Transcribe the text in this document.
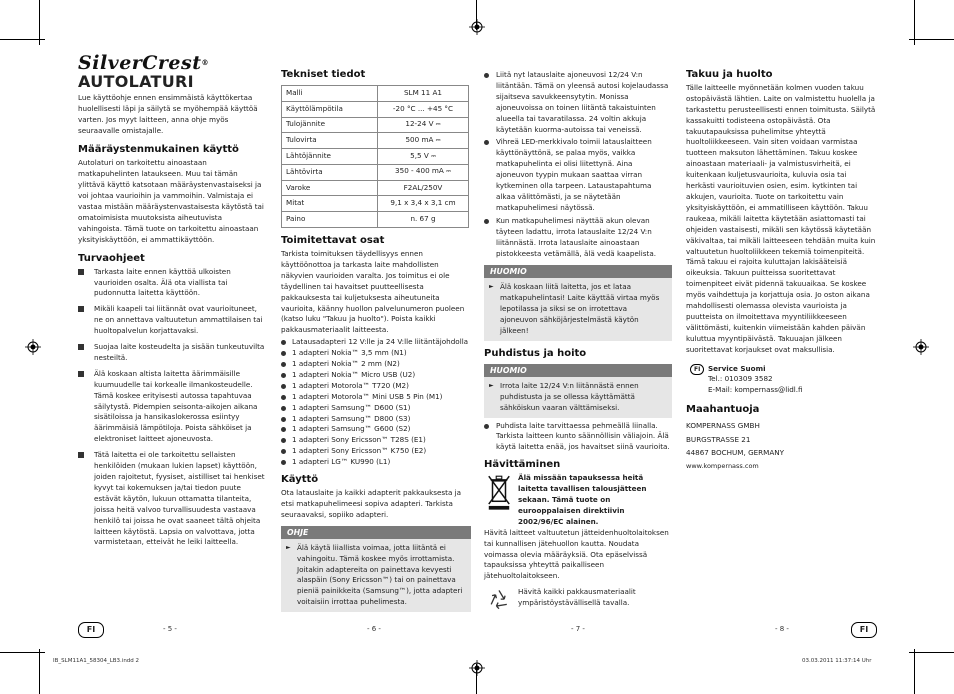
SilverCrest®
AUTOLATURI

Lue käyttöohje ennen ensimmäistä käyttökertaa huolellisesti läpi ja säilytä se myöhempää käyttöä varten. Jos myyt laitteen, anna ohje myös seuraavalle omistajalle.

Määräystenmukainen käyttö

Autolaturi on tarkoitettu ainoastaan matkapuhelinten lataukseen. Muu tai tämän ylittävä käyttö katsotaan määräystenvastaiseksi ja voi johtaa vaurioihin ja vammoihin. Valmistaja ei vastaa mistään määräystenvastaisesta käytöstä tai omatoimisista muutoksista aiheutuvista vahingoista. Tämä tuote on tarkoitettu ainoastaan yksityiskäyttöön, ei ammattikäyttöön.

Turvaohjeet
Tarkasta laite ennen käyttöä ulkoisten vaurioiden osalta. Älä ota viallista tai pudonnutta laitetta käyttöön.
Mikäli kaapeli tai liitännät ovat vaurioituneet, ne on annettava valtuutetun ammattilaisen tai huoltopalvelun korjattavaksi.
Suojaa laite kosteudelta ja sisään tunkeutuvilta nesteiltä.
Älä koskaan altista laitetta äärimmäisille kuumuudelle tai korkealle ilmankosteudelle. Tämä koskee erityisesti autossa tapahtuvaa säilytystä. Pidempien seisonta-aikojen aikana sisätiloissa ja hansikaslokerossa esiintyy äärimmäisiä lämpötiloja. Poista sähköiset ja elektroniset laitteet ajoneuvosta.
Tätä laitetta ei ole tarkoitettu sellaisten henkilöiden (mukaan lukien lapset) käyttöön, joiden rajoitetut, fyysiset, aistilliset tai henkiset kyvyt tai kokemuksen ja/tai tiedon puute estävät käytön, lukuun ottamatta tilanteita, joissa heitä valvoo turvallisuudesta vastaava henkilö tai joissa he ovat saaneet tältä ohjeita laitteen käytöstä. Lapsia on valvottava, jotta varmistetaan, etteivät he leiki laitteella.
Tekniset tiedot
Malli	SLM 11 A1
Käyttölämpötila	-20 °C ... +45 °C
Tulojännite	12-24 V ⎓
Tulovirta	500 mA ⎓
Lähtöjännite	5,5 V ⎓
Lähtövirta	350 - 400 mA ⎓
Varoke	F2AL/250V
Mitat	9,1 x 3,4 x 3,1 cm
Paino	n. 67 g
Toimitettavat osat

Tarkista toimituksen täydellisyys ennen käyttöönottoa ja tarkasta laite mahdollisten näkyvien vaurioiden varalta. Jos toimitus ei ole täydellinen tai havaitset puutteellisesta pakkauksesta tai kuljetuksesta aiheutuneita vaurioita, käänny huollon palvelunumeron puoleen (katso luku "Takuu ja huolto"). Poista kaikki pakkausmateriaalit laitteesta.

Latausadapteri 12 V:lle ja 24 V:lle liitäntäjohdolla
1 adapteri Nokia™ 3,5 mm (N1)
1 adapteri Nokia™ 2 mm (N2)
1 adapteri Nokia™ Micro USB (U2)
1 adapteri Motorola™ T720 (M2)
1 adapteri Motorola™ Mini USB 5 Pin (M1)
1 adapteri Samsung™ D600 (S1)
1 adapteri Samsung™ D800 (S3)
1 adapteri Samsung™ G600 (S2)
1 adapteri Sony Ericsson™ T28S (E1)
1 adapteri Sony Ericsson™ K750 (E2)
1 adapteri LG™ KU990 (L1)
Käyttö

Ota latauslaite ja kaikki adapterit pakkauksesta ja etsi matkapuhelimeesi sopiva adapteri. Tarkista seuraavaksi, sopiiko adapteri.

OHJE
► Älä käytä liiallista voimaa, jotta liitäntä ei vahingoitu. Tämä koskee myös irrottamista. Joitakin adaptereita on painettava kevyesti alaspäin (Sony Ericsson™) tai on painettava pieniä painikkeita (Samsung™), jotta adapteri voitaisiin irrottaa puhelimesta.
Liitä nyt latauslaite ajoneuvosi 12/24 V:n liitäntään. Tämä on yleensä autosi kojelaudassa sijaitseva savukkeensytytin. Monissa ajoneuvoissa on toinen liitäntä takaistuinten alueella tai tavaratilassa. 24 voltin akkuja käytetään kuorma-autoissa tai veneissä.
Vihreä LED-merkkivalo toimii latauslaitteen käyttönäyttönä, se palaa myös, vaikka matkapuhelinta ei olisi liitettynä. Aina ajoneuvon tyypin mukaan saattaa virran kytkeminen olla tarpeen. Lataustapahtuma alkaa välittömästi, ja se näytetään matkapuhelimesi näytössä.
Kun matkapuhelimesi näyttää akun olevan täyteen ladattu, irrota latauslaite 12/24 V:n liitännästä. Irrota latauslaite ainoastaan pistokkeesta vetämällä, älä vedä kaapelista.
HUOMIO
► Älä koskaan liitä laitetta, jos et lataa matkapuhelintasi! Laite käyttää virtaa myös lepotilassa ja siksi se on irrotettava ajoneuvon sähköjärjestelmästä käytön jälkeen!
Puhdistus ja hoito
HUOMIO
► Irrota laite 12/24 V:n liitännästä ennen puhdistusta ja se ollessa käyttämättä sähköiskun vaaran välttämiseksi.
Puhdista laite tarvittaessa pehmeällä liinalla. Tarkista laitteen kunto säännöllisin väliajoin. Älä käytä laitetta enää, jos havaitset siinä vaurioita.
Hävittäminen

Älä missään tapauksessa heitä laitetta tavallisen talousjätteen sekaan. Tämä tuote on eurooppalaisen direktiivin 2002/96/EC alainen.

Hävitä laitteet valtuutetun jätteidenhuoltolaitoksen tai kunnallisen jätehuollon kautta. Noudata voimassa olevia määräyksiä. Ota epäselvissä tapauksissa yhteyttä paikalliseen jätehuoltolaitokseen.

Hävitä kaikki pakkausmateriaalit ympäristöystävällisellä tavalla.

Takuu ja huolto

Tälle laitteelle myönnetään kolmen vuoden takuu ostopäivästä lähtien. Laite on valmistettu huolella ja tarkastettu perusteellisesti ennen toimitusta. Säilytä kassakuitti todisteena ostopäivästä. Ota takuutapauksissa puhelimitse yhteyttä huoltoliikkeeseen. Vain siten voidaan varmistaa tuotteen maksuton lähettäminen. Takuu koskee ainoastaan materiaali- ja valmistusvirheitä, ei kuitenkaan kuljetusvaurioita, kuluvia osia tai herkästi vaurioituvien osien, esim. kytkinten tai akkujen, vaurioita. Tuote on tarkoitettu vain yksityiskäyttöön, ei ammatilliseen käyttöön. Takuu raukeaa, mikäli laitetta käytetään asiattomasti tai ohjeiden vastaisesti, mikäli sen käytössä käytetään väkivaltaa, tai mikäli laitteeseen tehdään muita kuin valtuutetun huoltoliikkeen tekemiä toimenpiteitä. Tämä takuu ei rajoita kuluttajan lakisääteisiä oikeuksia. Takuun puitteissa suoritettavat toimenpiteet eivät pidennä takuuaikaa. Se koskee myös vaihdettuja ja korjattuja osia. Jo oston aikana mahdollisesti olemassa olevista vaurioista ja puutteista on ilmoitettava myyntiliikkeeseen välittömästi, kuitenkin viimeistään kahden päivän kuluttua myyntipäivästä. Takuuajan jälkeen suoritettavat korjaukset ovat maksullisia.

FI	Service Suomi
Tel.: 010309 3582
E-Mail: kompernass@lidl.fi
Maahantuoja
KOMPERNASS GMBH
BURGSTRASSE 21
44867 BOCHUM, GERMANY
www.kompernass.com
FI	FI
- 5 -	- 6 -	- 7 -	- 8 -
IB_SLM11A1_58304_LB3.indd 2	03.03.2011 11:37:14 Uhr
